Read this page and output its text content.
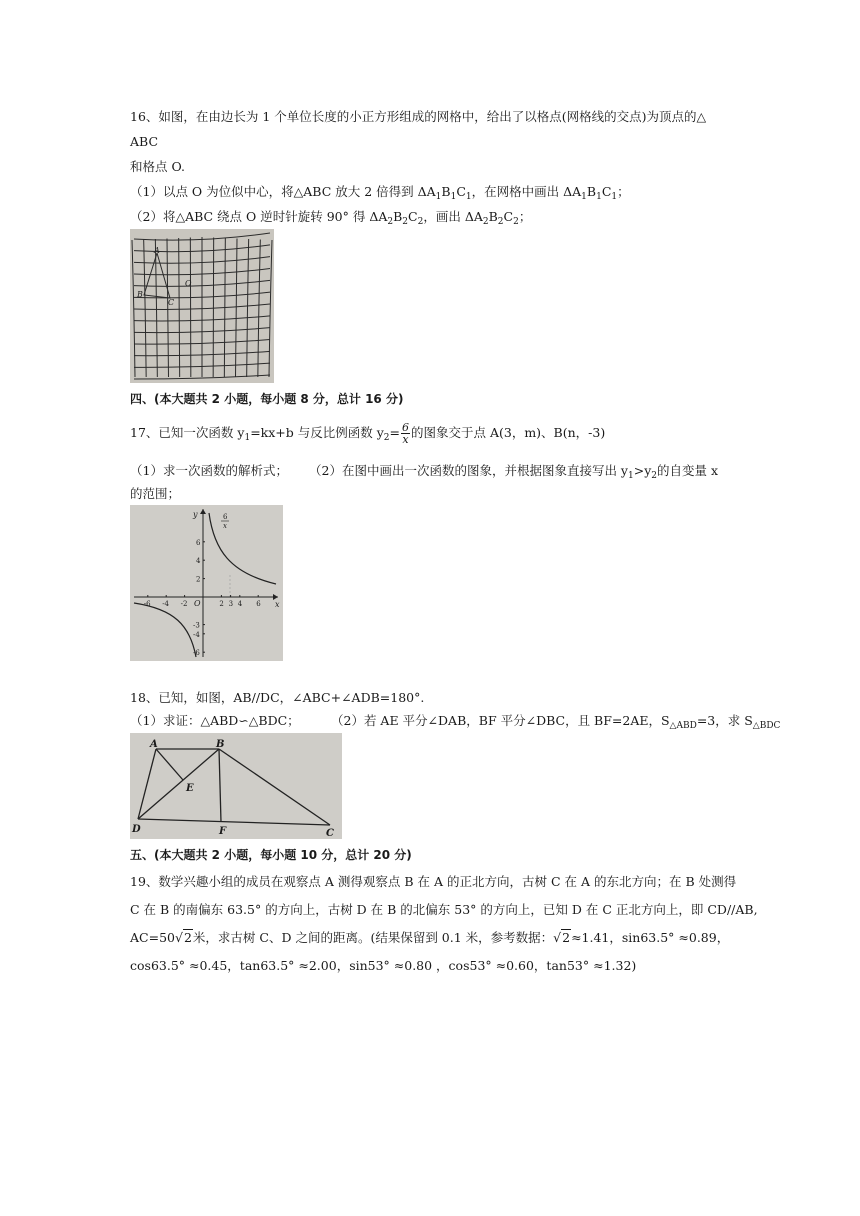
16、如图，在由边长为 1 个单位长度的小正方形组成的网格中，给出了以格点(网格线的交点)为顶点的△
ABC
和格点 O.
（1）以点 O 为位似中心，将△ABC 放大 2 倍得到 $\Delta A_1B_1C_1$，在网格中画出 $\Delta A_1B_1C_1$；
（2）将△ABC 绕点 O 逆时针旋转 90° 得 $\Delta A_2B_2C_2$，画出 $\Delta A_2B_2C_2$；
A
B
C
O
四、(本大题共 2 小题，每小题 8 分，总计 16 分)
17、已知一次函数 $y_1=kx+b$ 与反比例函数 $y_2= \frac{6}{x}$ 的图象交于点 A(3，m)、B(n，-3)
（1）求一次函数的解析式； （2）在图中画出一次函数的图象，并根据图象直接写出 $y_1>y_2$的自变量 x
的范围；
y
x
O
6
x
-6 -4 -2	2 3 4 6
6
4
2
-3
-4
-6
18、已知，如图，AB//DC，∠ABC+∠ADB=180°.
（1）求证：△ABD∽△BDC；	（2）若 AE 平分∠DAB，BF 平分∠DBC，且 BF=2AE，$S_{\triangle ABD}=3$，求 $S_{\triangle BDC}$
A	B
C
D
E
F
五、(本大题共 2 小题，每小题 10 分，总计 20 分)
19、数学兴趣小组的成员在观察点 A 测得观察点 B 在 A 的正北方向，古树 C 在 A 的东北方向；在 B 处测得
C 在 B 的南偏东 63.5° 的方向上，古树 D 在 B 的北偏东 53° 的方向上，已知 D 在 C 正北方向上，即 CD//AB,
AC=50√2米，求古树 C、D 之间的距离。(结果保留到 0.1 米，参考数据：√2≈1.41，sin63.5° ≈0.89，
cos63.5° ≈0.45，tan63.5° ≈2.00，sin53° ≈0.80 ，cos53° ≈0.60，tan53° ≈1.32)
